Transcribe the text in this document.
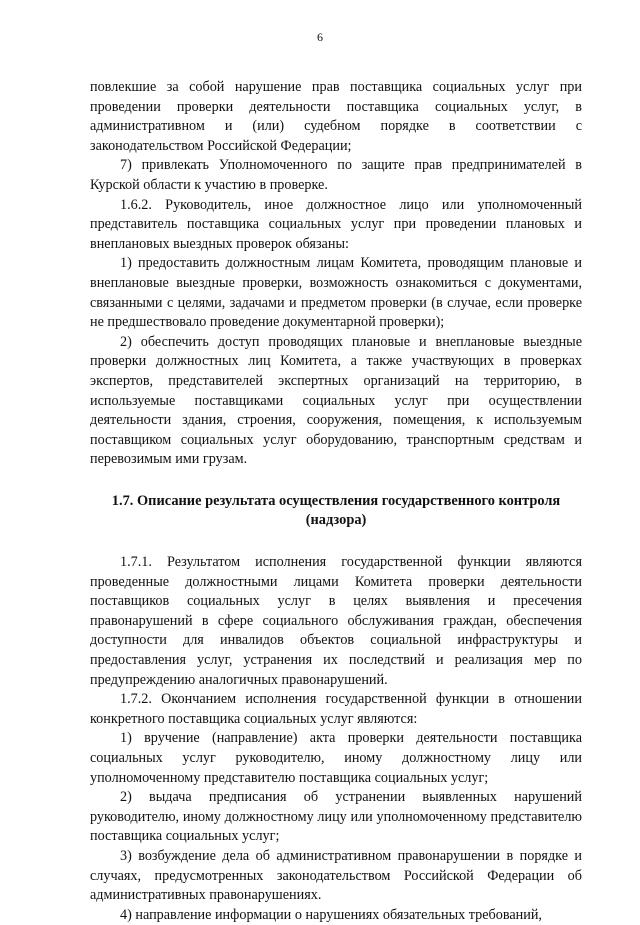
6

повлекшие за собой нарушение прав поставщика социальных услуг при проведении проверки деятельности поставщика социальных услуг, в административном и (или) судебном порядке в соответствии с законодательством Российской Федерации;

7) привлекать Уполномоченного по защите прав предпринимателей в Курской области к участию в проверке.

1.6.2. Руководитель, иное должностное лицо или уполномоченный представитель поставщика социальных услуг при проведении плановых и внеплановых выездных проверок обязаны:

1) предоставить должностным лицам Комитета, проводящим плановые и внеплановые выездные проверки, возможность ознакомиться с документами, связанными с целями, задачами и предметом проверки (в случае, если проверке не предшествовало проведение документарной проверки);

2) обеспечить доступ проводящих плановые и внеплановые выездные проверки должностных лиц Комитета, а также участвующих в проверках экспертов, представителей экспертных организаций на территорию, в используемые поставщиками социальных услуг при осуществлении деятельности здания, строения, сооружения, помещения, к используемым поставщиком социальных услуг оборудованию, транспортным средствам и перевозимым ими грузам.

1.7. Описание результата осуществления государственного контроля
(надзора)

1.7.1. Результатом исполнения государственной функции являются проведенные должностными лицами Комитета проверки деятельности поставщиков социальных услуг в целях выявления и пресечения правонарушений в сфере социального обслуживания граждан, обеспечения доступности для инвалидов объектов социальной инфраструктуры и предоставления услуг, устранения их последствий и реализация мер по предупреждению аналогичных правонарушений.

1.7.2. Окончанием исполнения государственной функции в отношении конкретного поставщика социальных услуг являются:

1) вручение (направление) акта проверки деятельности поставщика социальных услуг руководителю, иному должностному лицу или уполномоченному представителю поставщика социальных услуг;

2) выдача предписания об устранении выявленных нарушений руководителю, иному должностному лицу или уполномоченному представителю поставщика социальных услуг;

3) возбуждение дела об административном правонарушении в порядке и случаях, предусмотренных законодательством Российской Федерации об административных правонарушениях.

4) направление информации о нарушениях обязательных требований,
